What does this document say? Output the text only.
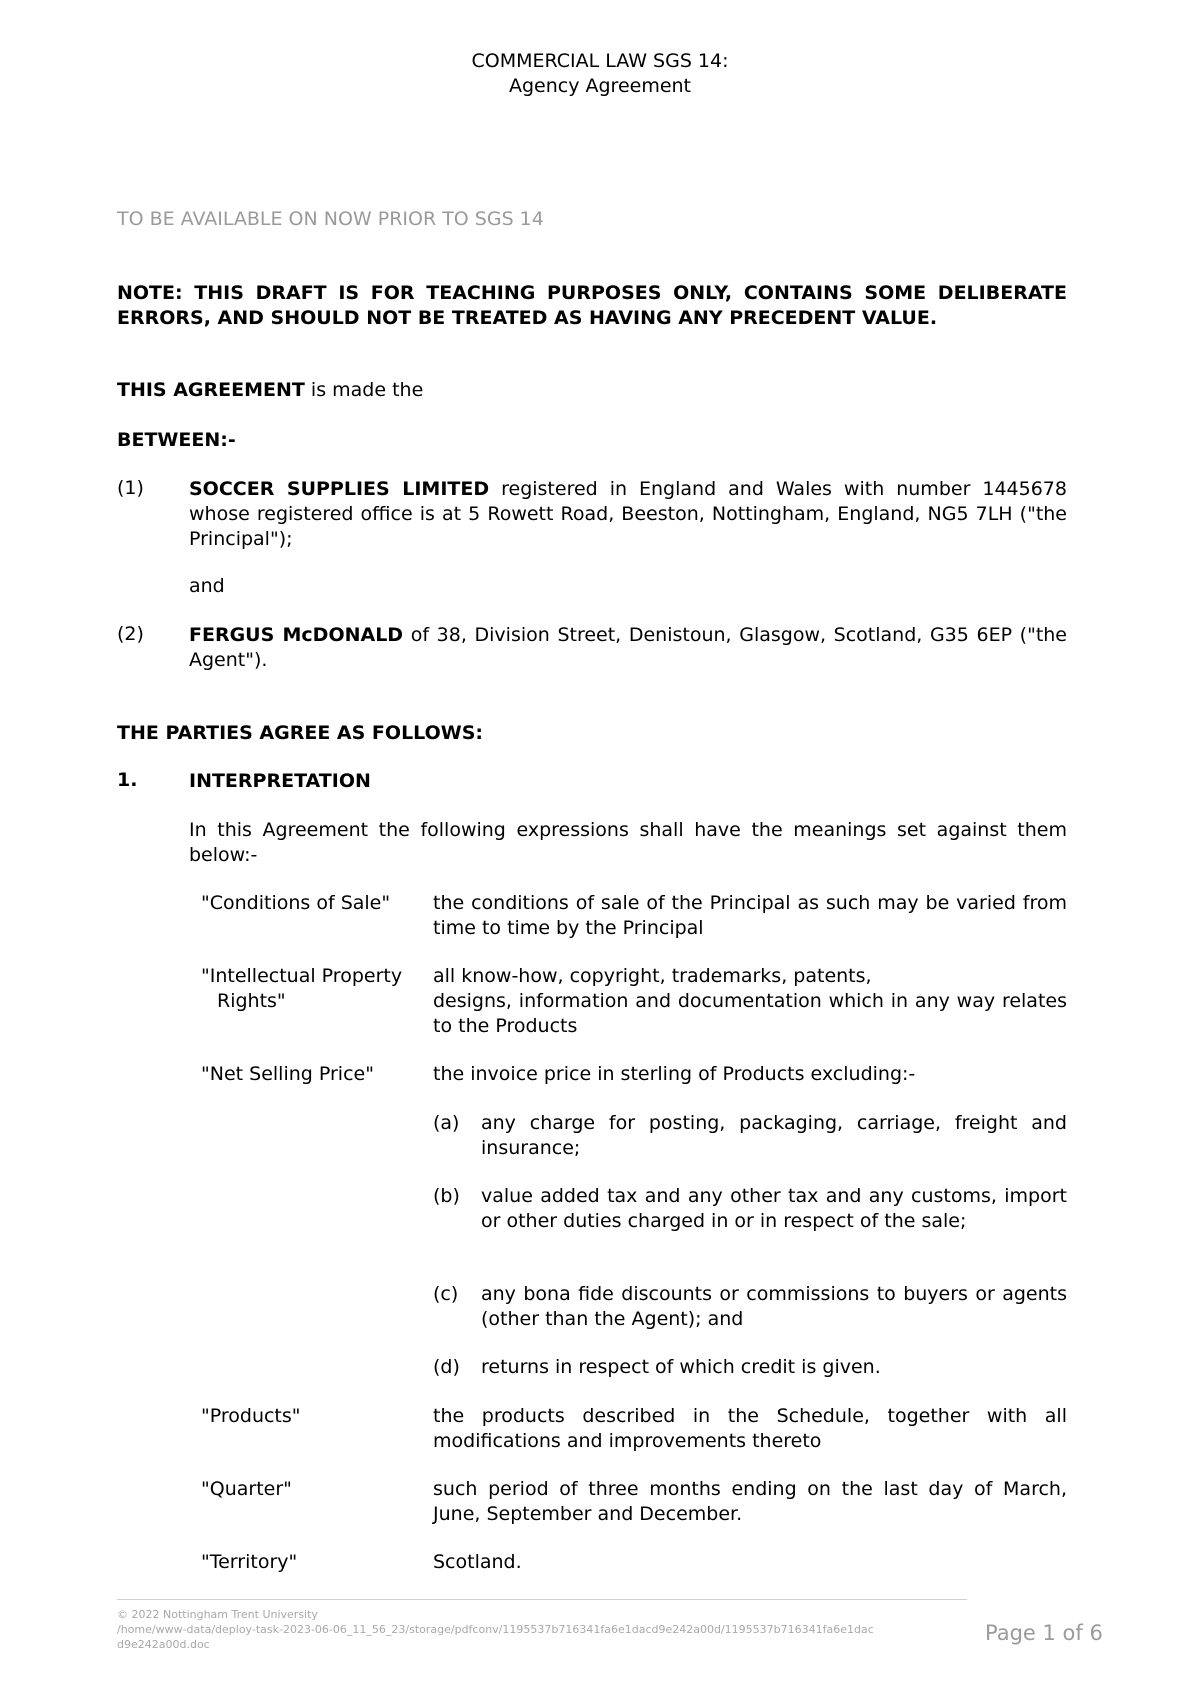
COMMERCIAL LAW SGS 14:
Agency Agreement
TO BE AVAILABLE ON NOW PRIOR TO SGS 14
NOTE: THIS DRAFT IS FOR TEACHING PURPOSES ONLY, CONTAINS SOME DELIBERATE ERRORS, AND SHOULD NOT BE TREATED AS HAVING ANY PRECEDENT VALUE.
THIS AGREEMENT is made the
BETWEEN:-
(1) SOCCER SUPPLIES LIMITED registered in England and Wales with number 1445678 whose registered office is at 5 Rowett Road, Beeston, Nottingham, England, NG5 7LH ("the Principal");
and
(2) FERGUS McDONALD of 38, Division Street, Denistoun, Glasgow, Scotland, G35 6EP ("the Agent").
THE PARTIES AGREE AS FOLLOWS:
1.	INTERPRETATION
In this Agreement the following expressions shall have the meanings set against them below:-
"Conditions of Sale" the conditions of sale of the Principal as such may be varied from time to time by the Principal
"Intellectual Property
Rights"
all know-how, copyright, trademarks, patents,
designs, information and documentation which in any way relates to the Products
"Net Selling Price"	the invoice price in sterling of Products excluding:-
(a) any charge for posting, packaging, carriage, freight and insurance;
(b) value added tax and any other tax and any customs, import or other duties charged in or in respect of the sale;
(c) any bona fide discounts or commissions to buyers or agents (other than the Agent); and
(d) returns in respect of which credit is given.
"Products"	the products described in the Schedule, together with all modifications and improvements thereto
"Quarter"	such period of three months ending on the last day of March, June, September and December.
"Territory"	Scotland.
© 2022 Nottingham Trent University
/home/www-data/deploy-task-2023-06-06_11_56_23/storage/pdfconv/1195537b716341fa6e1dacd9e242a00d/1195537b716341fa6e1dacd9e242a00d.doc	Page 1 of 6
